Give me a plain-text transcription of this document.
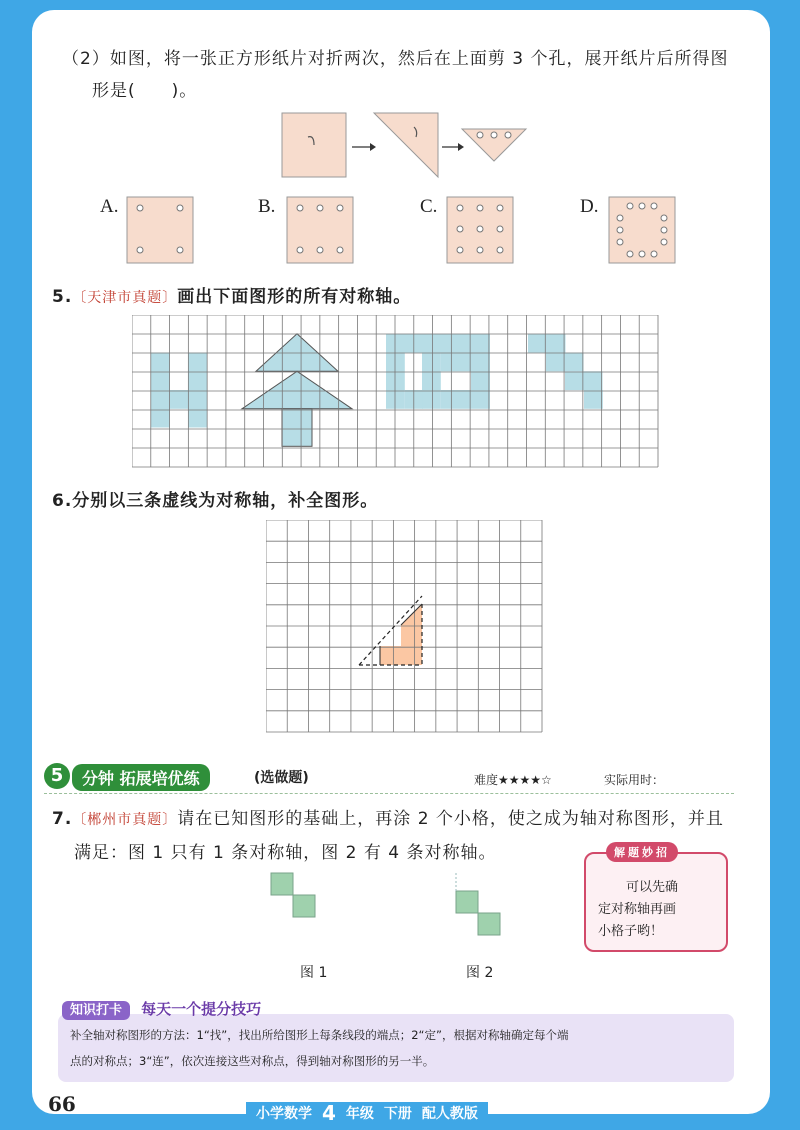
（2）如图，将一张正方形纸片对折两次，然后在上面剪 3 个孔，展开纸片后所得图
形是(　　)。
A.	B.	C.	D.
5.〔天津市真题〕画出下面图形的所有对称轴。
6.分别以三条虚线为对称轴，补全图形。
5	分钟 拓展培优练	(选做题)	难度★★★★☆	实际用时：
7.〔郴州市真题〕请在已知图形的基础上，再涂 2 个小格，使之成为轴对称图形，并且
满足：图 1 只有 1 条对称轴，图 2 有 4 条对称轴。
图 1	图 2
解题妙招
可以先确
定对称轴再画
小格子哟！
补全轴对称图形的方法：1“找”，找出所给图形上每条线段的端点；2“定”，根据对称轴确定每个端
点的对称点；3“连”，依次连接这些对称点，得到轴对称图形的另一半。
知识打卡 每天一个提分技巧
66	小学数学 4 年级 下册 配人教版
